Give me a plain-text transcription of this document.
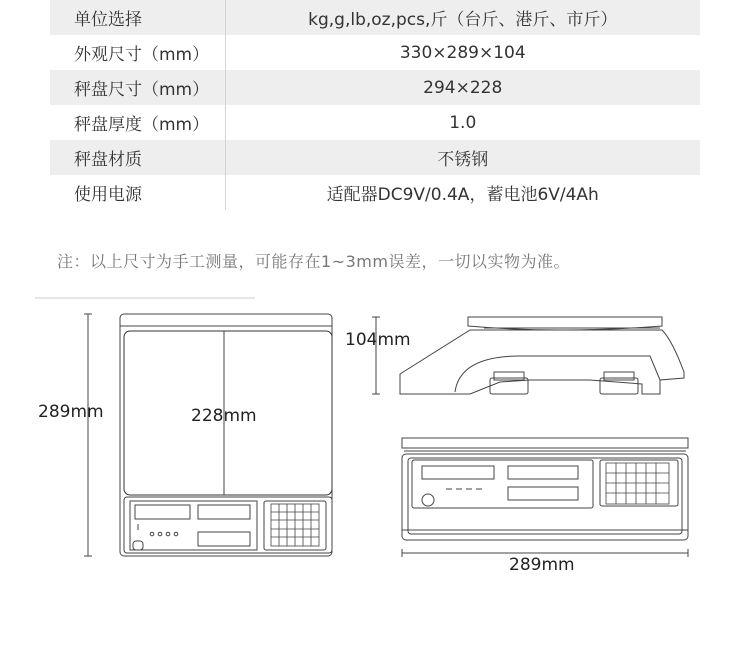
单位选择	kg,g,lb,oz,pcs,斤（台斤、港斤、市斤）
外观尺寸（mm）	330×289×104
秤盘尺寸（mm）	294×228
秤盘厚度（mm）	1.0
秤盘材质	不锈钢
使用电源	适配器DC9V/0.4A，蓄电池6V/4Ah
注：以上尺寸为手工测量，可能存在1~3mm误差，一切以实物为准。
289mm	228mm
104mm
289mm
